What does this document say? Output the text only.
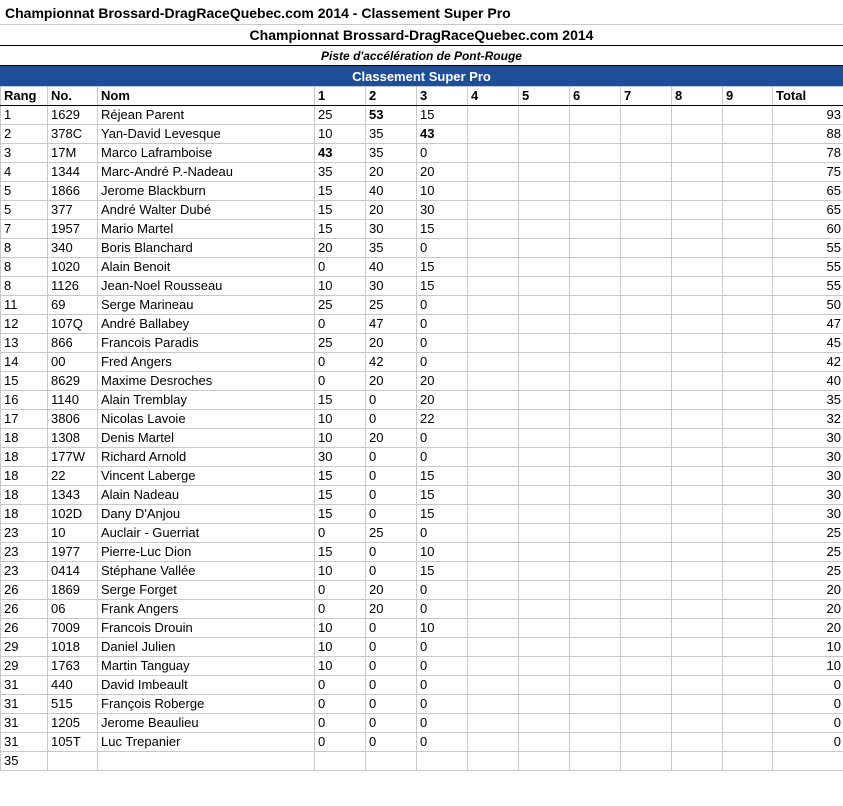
Championnat Brossard-DragRaceQuebec.com 2014 - Classement Super Pro
Championnat Brossard-DragRaceQuebec.com 2014
Piste d'accélération de Pont-Rouge
Classement Super Pro
Rang	No.	Nom	1	2	3	4	5	6	7	8	9	Total
1	1629	Réjean Parent	25	53	15							93
2	378C	Yan-David Levesque	10	35	43							88
3	17M	Marco Laframboise	43	35	0							78
4	1344	Marc-André P.-Nadeau	35	20	20							75
5	1866	Jerome Blackburn	15	40	10							65
5	377	André Walter Dubé	15	20	30							65
7	1957	Mario Martel	15	30	15							60
8	340	Boris Blanchard	20	35	0							55
8	1020	Alain Benoit	0	40	15							55
8	1126	Jean-Noel Rousseau	10	30	15							55
11	69	Serge Marineau	25	25	0							50
12	107Q	André Ballabey	0	47	0							47
13	866	Francois Paradis	25	20	0							45
14	00	Fred Angers	0	42	0							42
15	8629	Maxime Desroches	0	20	20							40
16	1140	Alain Tremblay	15	0	20							35
17	3806	Nicolas Lavoie	10	0	22							32
18	1308	Denis Martel	10	20	0							30
18	177W	Richard Arnold	30	0	0							30
18	22	Vincent Laberge	15	0	15							30
18	1343	Alain Nadeau	15	0	15							30
18	102D	Dany D'Anjou	15	0	15							30
23	10	Auclair - Guerriat	0	25	0							25
23	1977	Pierre-Luc Dion	15	0	10							25
23	0414	Stéphane Vallée	10	0	15							25
26	1869	Serge Forget	0	20	0							20
26	06	Frank Angers	0	20	0							20
26	7009	Francois Drouin	10	0	10							20
29	1018	Daniel Julien	10	0	0							10
29	1763	Martin Tanguay	10	0	0							10
31	440	David Imbeault	0	0	0							0
31	515	François Roberge	0	0	0							0
31	1205	Jerome Beaulieu	0	0	0							0
31	105T	Luc Trepanier	0	0	0							0
35												
